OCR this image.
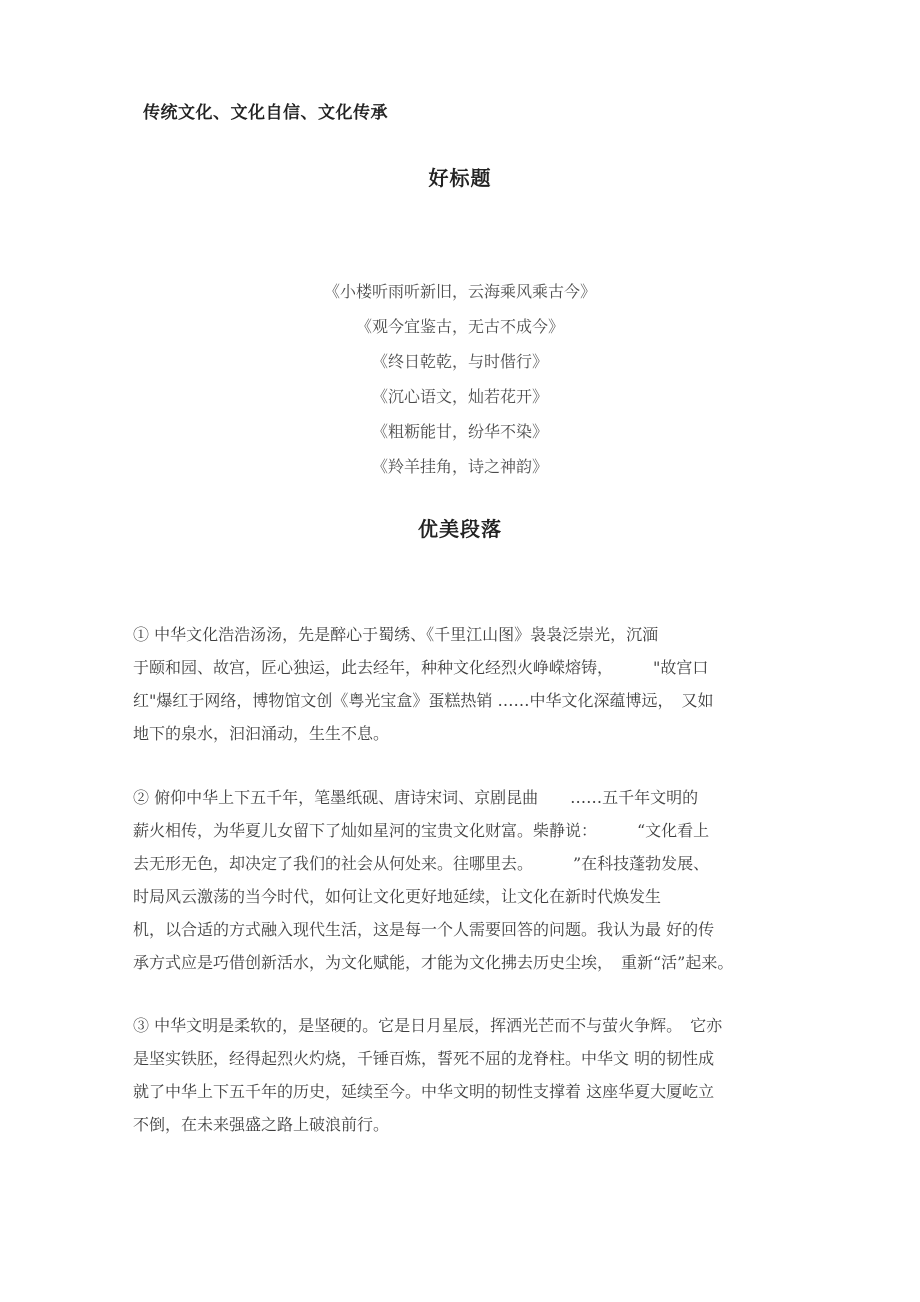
传统文化、文化自信、文化传承
好标题
《小楼听雨听新旧，云海乘风乘古今》
《观今宜鉴古，无古不成今》
《终日乾乾，与时偕行》
《沉心语文，灿若花开》
《粗粝能甘，纷华不染》
《羚羊挂角，诗之神韵》
优美段落

① 中华文化浩浩汤汤，先是醉心于蜀绣、《千里江山图》袅袅泛崇光，沉湎
于颐和园、故宫，匠心独运，此去经年，种种文化经烈火峥嵘熔铸，　　　"故宫口
红"爆红于网络，博物馆文创《粤光宝盒》蛋糕热销 ……中华文化深蕴博远，　又如
地下的泉水，汩汩涌动，生生不息。

② 俯仰中华上下五千年，笔墨纸砚、唐诗宋词、京剧昆曲　　……五千年文明的
薪火相传，为华夏儿女留下了灿如星河的宝贵文化财富。柴静说：　　　“文化看上
去无形无色，却决定了我们的社会从何处来。往哪里去。　　　”在科技蓬勃发展、
时局风云激荡的当今时代，如何让文化更好地延续，让文化在新时代焕发生
机，以合适的方式融入现代生活，这是每一个人需要回答的问题。我认为最 好的传
承方式应是巧借创新活水，为文化赋能，才能为文化拂去历史尘埃，　重新“活”起来。

③ 中华文明是柔软的，是坚硬的。它是日月星辰，挥洒光芒而不与萤火争辉。　它亦
是坚实铁胚，经得起烈火灼烧，千锤百炼，誓死不屈的龙脊柱。中华文 明的韧性成
就了中华上下五千年的历史，延续至今。中华文明的韧性支撑着 这座华夏大厦屹立
不倒，在未来强盛之路上破浪前行。
